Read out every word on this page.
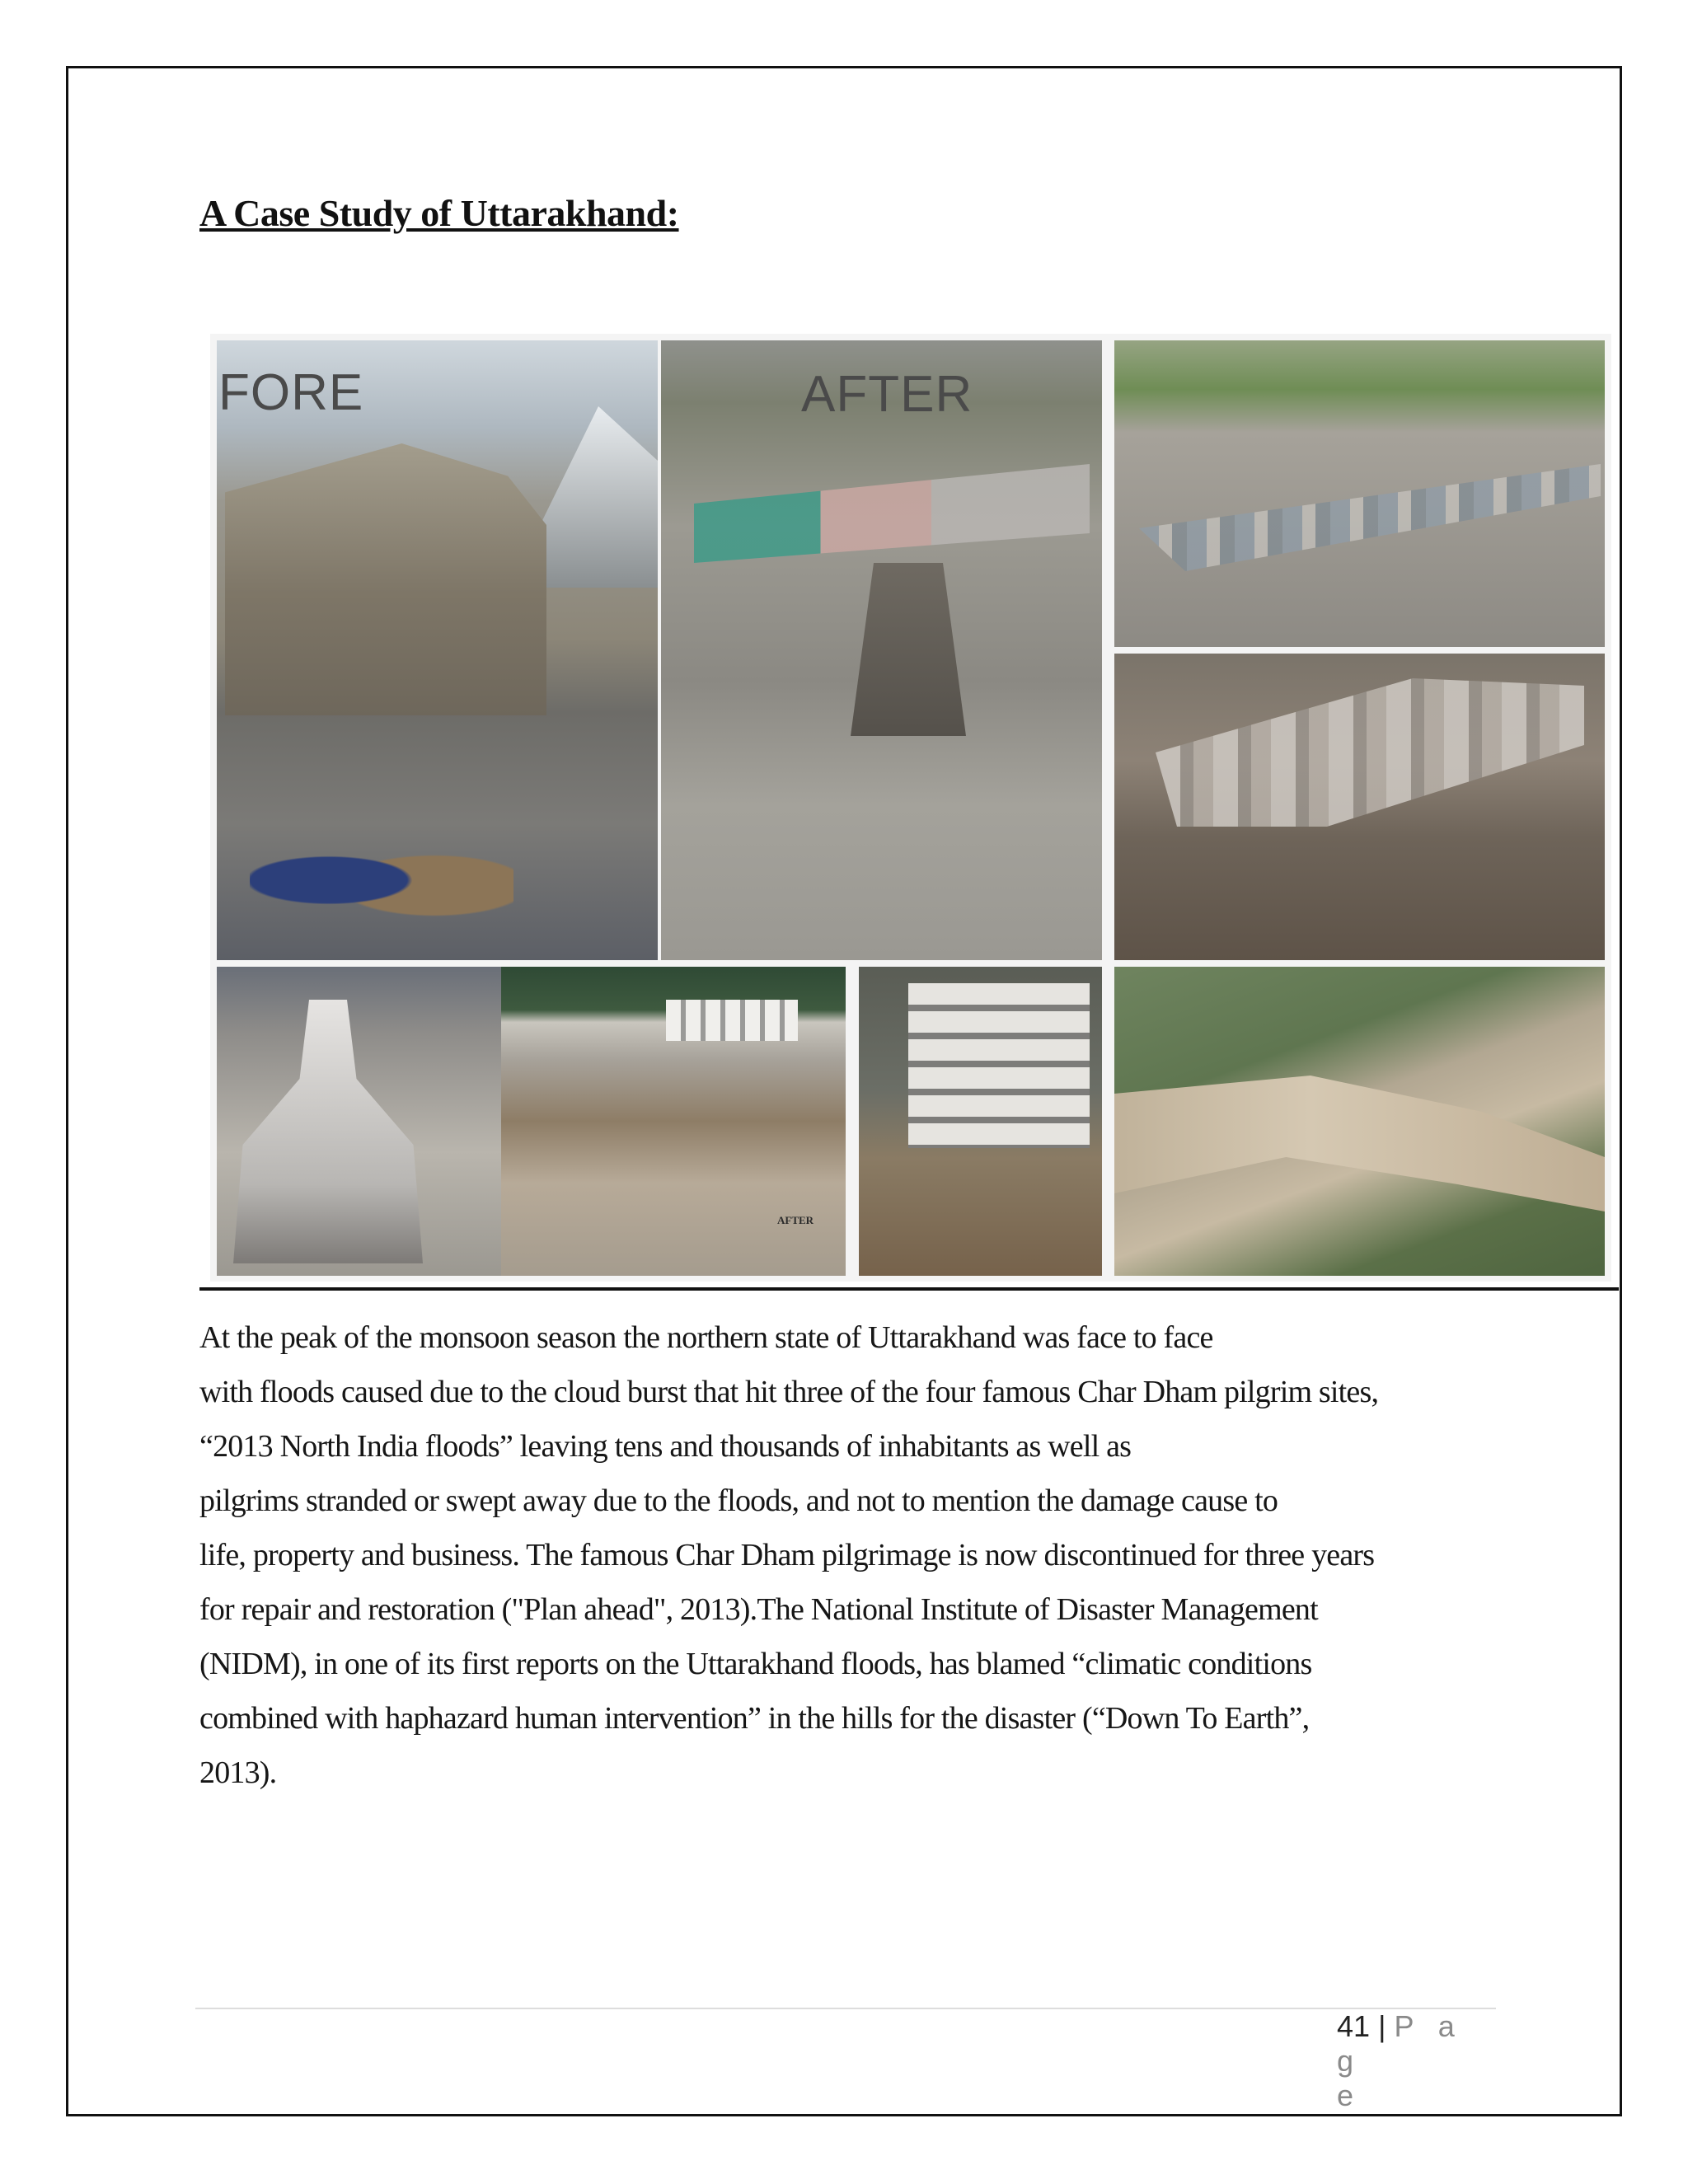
A Case Study of Uttarakhand:
FORE	AFTER
AFTER

At the peak of the monsoon season the northern state of Uttarakhand was face to face
with floods caused due to the cloud burst that hit three of the four famous Char Dham pilgrim sites,
“2013 North India floods” leaving tens and thousands of inhabitants as well as
pilgrims stranded or swept away due to the floods, and not to mention the damage cause to
life, property and business. The famous Char Dham pilgrimage is now discontinued for three years
for repair and restoration ("Plan ahead", 2013).The National Institute of Disaster Management
(NIDM), in one of its first reports on the Uttarakhand floods, has blamed “climatic conditions
combined with haphazard human intervention” in the hills for the disaster (“Down To Earth”,
2013).

41 | P a g
e
